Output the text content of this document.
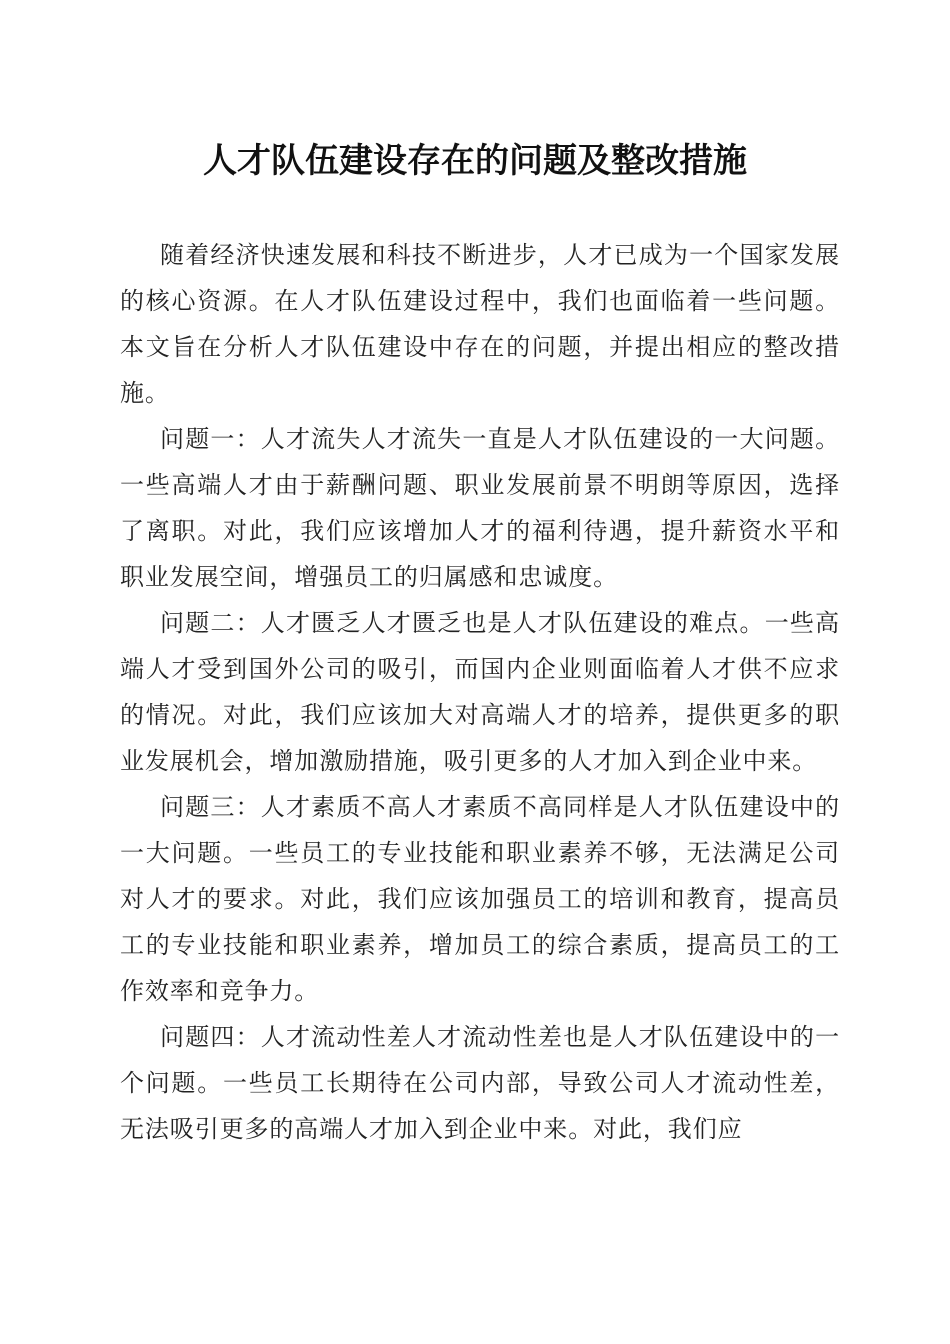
人才队伍建设存在的问题及整改措施

随着经济快速发展和科技不断进步，人才已成为一个国家发展的核心资源。在人才队伍建设过程中，我们也面临着一些问题。本文旨在分析人才队伍建设中存在的问题，并提出相应的整改措施。

问题一：人才流失人才流失一直是人才队伍建设的一大问题。一些高端人才由于薪酬问题、职业发展前景不明朗等原因，选择了离职。对此，我们应该增加人才的福利待遇，提升薪资水平和职业发展空间，增强员工的归属感和忠诚度。

问题二：人才匮乏人才匮乏也是人才队伍建设的难点。一些高端人才受到国外公司的吸引，而国内企业则面临着人才供不应求的情况。对此，我们应该加大对高端人才的培养，提供更多的职业发展机会，增加激励措施，吸引更多的人才加入到企业中来。

问题三：人才素质不高人才素质不高同样是人才队伍建设中的一大问题。一些员工的专业技能和职业素养不够，无法满足公司对人才的要求。对此，我们应该加强员工的培训和教育，提高员工的专业技能和职业素养，增加员工的综合素质，提高员工的工作效率和竞争力。

问题四：人才流动性差人才流动性差也是人才队伍建设中的一个问题。一些员工长期待在公司内部，导致公司人才流动性差，无法吸引更多的高端人才加入到企业中来。对此，我们应
